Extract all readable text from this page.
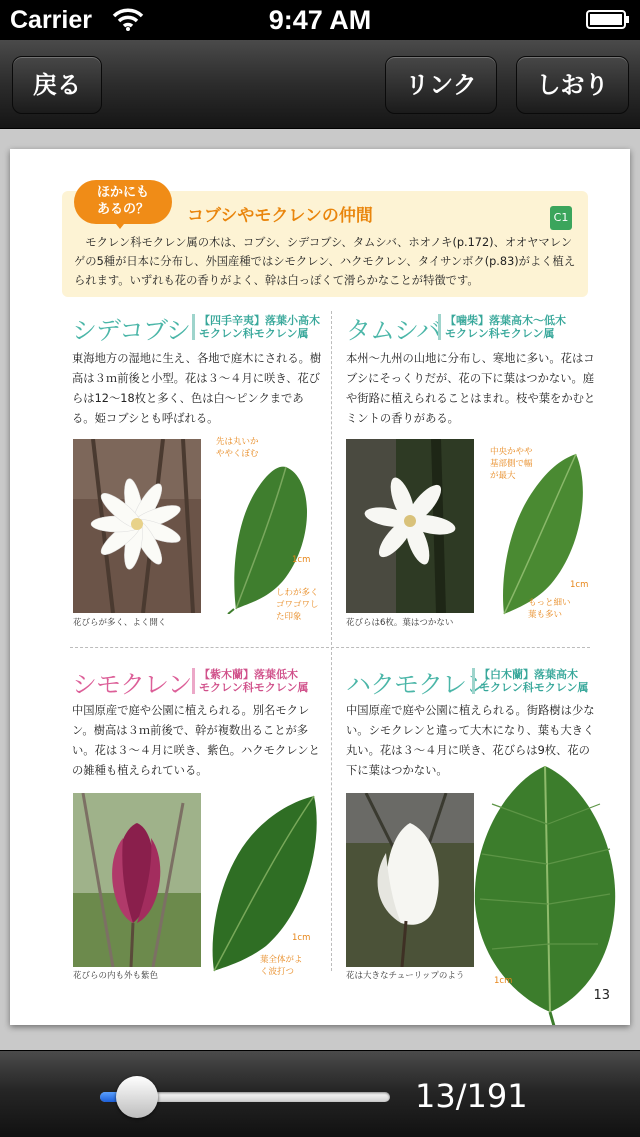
Carrier	9:47 AM
戻る	リンク	しおり
ほかにも
あるの？	コブシやモクレンの仲間	C1
モクレン科モクレン属の木は、コブシ、シデコブシ、タムシバ、ホオノキ(p.172)、オオヤマレンゲの5種が日本に分布し、外国産種ではシモクレン、ハクモクレン、タイサンボク(p.83)がよく植えられます。いずれも花の香りがよく、幹は白っぽくて滑らかなことが特徴です。
シデコブシ 【四手辛夷】落葉小高木
モクレン科モクレン属
東海地方の湿地に生え、各地で庭木にされる。樹高は３ｍ前後と小型。花は３〜４月に咲き、花びらは12〜18枚と多く、色は白〜ピンクまである。姫コブシとも呼ばれる。
花びらが多く、よく開く
先は丸いか
ややくぼむ
しわが多く
ゴワゴワし
た印象
1cm
タムシバ 【噛柴】落葉高木〜低木
モクレン科モクレン属
本州〜九州の山地に分布し、寒地に多い。花はコブシにそっくりだが、花の下に葉はつかない。庭や街路に植えられることはまれ。枝や葉をかむとミントの香りがある。
花びらは6枚。葉はつかない
中央かやや
基部側で幅
が最大
もっと細い
葉も多い
1cm
シモクレン 【紫木蘭】落葉低木
モクレン科モクレン属
中国原産で庭や公園に植えられる。別名モクレン。樹高は３ｍ前後で、幹が複数出ることが多い。花は３〜４月に咲き、紫色。ハクモクレンとの雑種も植えられている。
花びらの内も外も紫色
葉全体がよ
く波打つ
1cm
ハクモクレン
【白木蘭】落葉高木
モクレン科モクレン属
中国原産で庭や公園に植えられる。街路樹は少ない。シモクレンと違って大木になり、葉も大きく丸い。花は３〜４月に咲き、花びらは9枚、花の下に葉はつかない。
花は大きなチューリップのよう	1cm
13
13/191
